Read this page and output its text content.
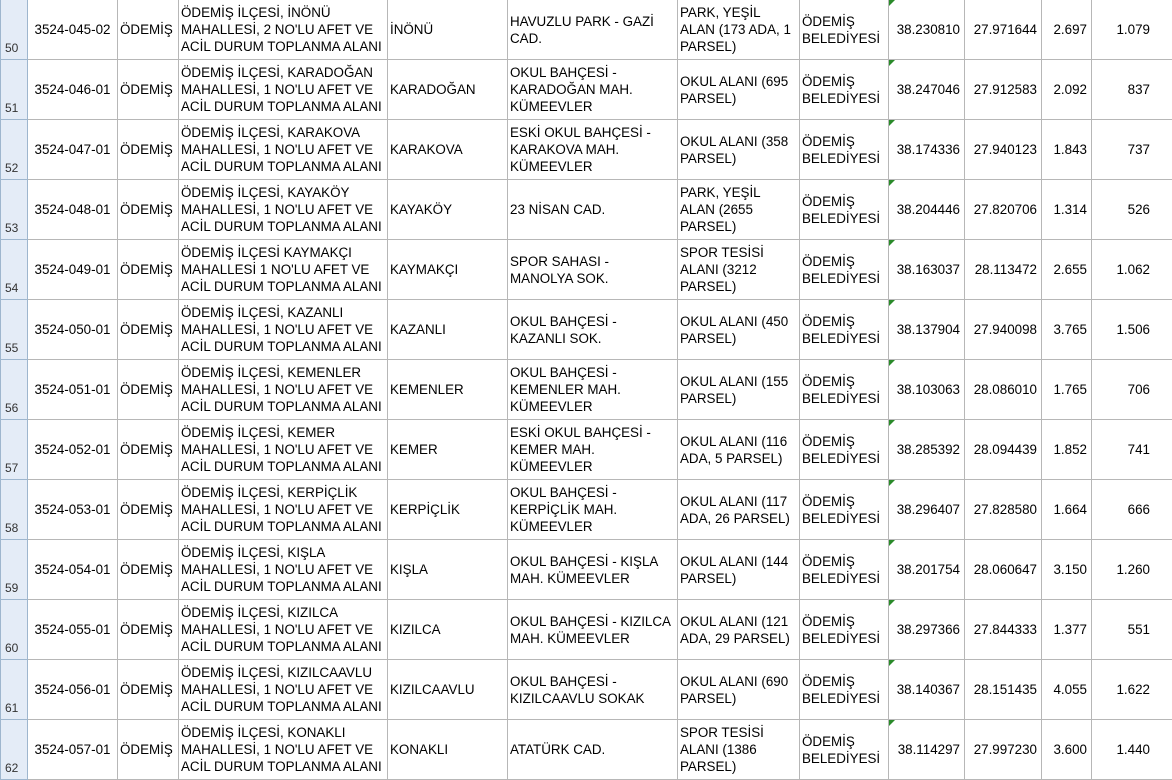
50	3524-045-02	ÖDEMİŞ	ÖDEMİŞ İLÇESİ, İNÖNÜ MAHALLESİ, 2 NO'LU AFET VE ACİL DURUM TOPLANMA ALANI	İNÖNÜ	HAVUZLU PARK - GAZİ CAD.	PARK, YEŞİL ALAN (173 ADA, 1 PARSEL)	ÖDEMİŞ BELEDİYESİ	38.230810	27.971644	2.697	1.079
51	3524-046-01	ÖDEMİŞ	ÖDEMİŞ İLÇESİ, KARADOĞAN MAHALLESİ, 1 NO'LU AFET VE ACİL DURUM TOPLANMA ALANI	KARADOĞAN	OKUL BAHÇESİ - KARADOĞAN MAH. KÜMEEVLER	OKUL ALANI (695 PARSEL)	ÖDEMİŞ BELEDİYESİ	38.247046	27.912583	2.092	837
52	3524-047-01	ÖDEMİŞ	ÖDEMİŞ İLÇESİ, KARAKOVA MAHALLESİ, 1 NO'LU AFET VE ACİL DURUM TOPLANMA ALANI	KARAKOVA	ESKİ OKUL BAHÇESİ - KARAKOVA MAH. KÜMEEVLER	OKUL ALANI (358 PARSEL)	ÖDEMİŞ BELEDİYESİ	38.174336	27.940123	1.843	737
53	3524-048-01	ÖDEMİŞ	ÖDEMİŞ İLÇESİ, KAYAKÖY MAHALLESİ, 1 NO'LU AFET VE ACİL DURUM TOPLANMA ALANI	KAYAKÖY	23 NİSAN CAD.	PARK, YEŞİL ALAN (2655 PARSEL)	ÖDEMİŞ BELEDİYESİ	38.204446	27.820706	1.314	526
54	3524-049-01	ÖDEMİŞ	ÖDEMİŞ İLÇESİ KAYMAKÇI MAHALLESİ 1 NO'LU AFET VE ACİL DURUM TOPLANMA ALANI	KAYMAKÇI	SPOR SAHASI - MANOLYA SOK.	SPOR TESİSİ ALANI (3212 PARSEL)	ÖDEMİŞ BELEDİYESİ	38.163037	28.113472	2.655	1.062
55	3524-050-01	ÖDEMİŞ	ÖDEMİŞ İLÇESİ, KAZANLI MAHALLESİ, 1 NO'LU AFET VE ACİL DURUM TOPLANMA ALANI	KAZANLI	OKUL BAHÇESİ - KAZANLI SOK.	OKUL ALANI (450 PARSEL)	ÖDEMİŞ BELEDİYESİ	38.137904	27.940098	3.765	1.506
56	3524-051-01	ÖDEMİŞ	ÖDEMİŞ İLÇESİ, KEMENLER MAHALLESİ, 1 NO'LU AFET VE ACİL DURUM TOPLANMA ALANI	KEMENLER	OKUL BAHÇESİ - KEMENLER MAH. KÜMEEVLER	OKUL ALANI (155 PARSEL)	ÖDEMİŞ BELEDİYESİ	38.103063	28.086010	1.765	706
57	3524-052-01	ÖDEMİŞ	ÖDEMİŞ İLÇESİ, KEMER MAHALLESİ, 1 NO'LU AFET VE ACİL DURUM TOPLANMA ALANI	KEMER	ESKİ OKUL BAHÇESİ - KEMER MAH. KÜMEEVLER	OKUL ALANI (116 ADA, 5 PARSEL)	ÖDEMİŞ BELEDİYESİ	38.285392	28.094439	1.852	741
58	3524-053-01	ÖDEMİŞ	ÖDEMİŞ İLÇESİ, KERPİÇLİK MAHALLESİ, 1 NO'LU AFET VE ACİL DURUM TOPLANMA ALANI	KERPİÇLİK	OKUL BAHÇESİ - KERPİÇLİK MAH. KÜMEEVLER	OKUL ALANI (117 ADA, 26 PARSEL)	ÖDEMİŞ BELEDİYESİ	38.296407	27.828580	1.664	666
59	3524-054-01	ÖDEMİŞ	ÖDEMİŞ İLÇESİ, KIŞLA MAHALLESİ, 1 NO'LU AFET VE ACİL DURUM TOPLANMA ALANI	KIŞLA	OKUL BAHÇESİ - KIŞLA MAH. KÜMEEVLER	OKUL ALANI (144 PARSEL)	ÖDEMİŞ BELEDİYESİ	38.201754	28.060647	3.150	1.260
60	3524-055-01	ÖDEMİŞ	ÖDEMİŞ İLÇESİ, KIZILCA MAHALLESİ, 1 NO'LU AFET VE ACİL DURUM TOPLANMA ALANI	KIZILCA	OKUL BAHÇESİ - KIZILCA MAH. KÜMEEVLER	OKUL ALANI (121 ADA, 29 PARSEL)	ÖDEMİŞ BELEDİYESİ	38.297366	27.844333	1.377	551
61	3524-056-01	ÖDEMİŞ	ÖDEMİŞ İLÇESİ, KIZILCAAVLU MAHALLESİ, 1 NO'LU AFET VE ACİL DURUM TOPLANMA ALANI	KIZILCAAVLU	OKUL BAHÇESİ - KIZILCAAVLU SOKAK	OKUL ALANI (690 PARSEL)	ÖDEMİŞ BELEDİYESİ	38.140367	28.151435	4.055	1.622
62	3524-057-01	ÖDEMİŞ	ÖDEMİŞ İLÇESİ, KONAKLI MAHALLESİ, 1 NO'LU AFET VE ACİL DURUM TOPLANMA ALANI	KONAKLI	ATATÜRK CAD.	SPOR TESİSİ ALANI (1386 PARSEL)	ÖDEMİŞ BELEDİYESİ	38.114297	27.997230	3.600	1.440
